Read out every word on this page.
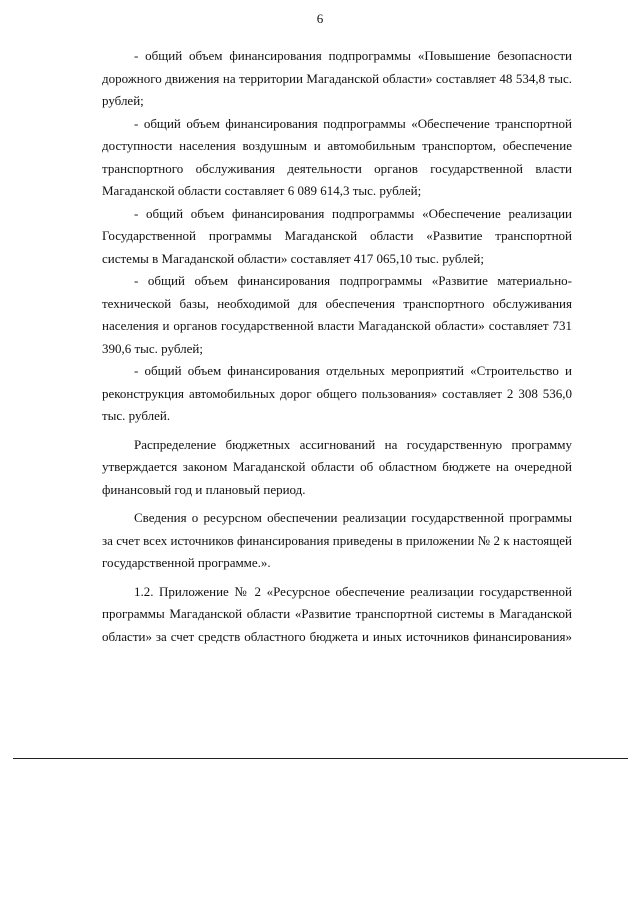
6

- общий объем финансирования подпрограммы «Повышение безопасности дорожного движения на территории Магаданской области» составляет 48 534,8 тыс. рублей;

- общий объем финансирования подпрограммы «Обеспечение транспортной доступности населения воздушным и автомобильным транспортом, обеспечение транспортного обслуживания деятельности органов государственной власти Магаданской области составляет 6 089 614,3 тыс. рублей;

- общий объем финансирования подпрограммы «Обеспечение реализации Государственной программы Магаданской области «Развитие транспортной системы в Магаданской области» составляет 417 065,10 тыс. рублей;

- общий объем финансирования подпрограммы «Развитие материально-технической базы, необходимой для обеспечения транспортного обслуживания населения и органов государственной власти Магаданской области» составляет 731 390,6 тыс. рублей;

- общий объем финансирования отдельных мероприятий «Строительство и реконструкция автомобильных дорог общего пользования» составляет 2 308 536,0 тыс. рублей.

Распределение бюджетных ассигнований на государственную программу утверждается законом Магаданской области об областном бюджете на очередной финансовый год и плановый период.

Сведения о ресурсном обеспечении реализации государственной программы за счет всех источников финансирования приведены в приложении № 2 к настоящей государственной программе.».

1.2. Приложение № 2 «Ресурсное обеспечение реализации государственной программы Магаданской области «Развитие транспортной системы в Магаданской области» за счет средств областного бюджета и иных источников финансирования»
